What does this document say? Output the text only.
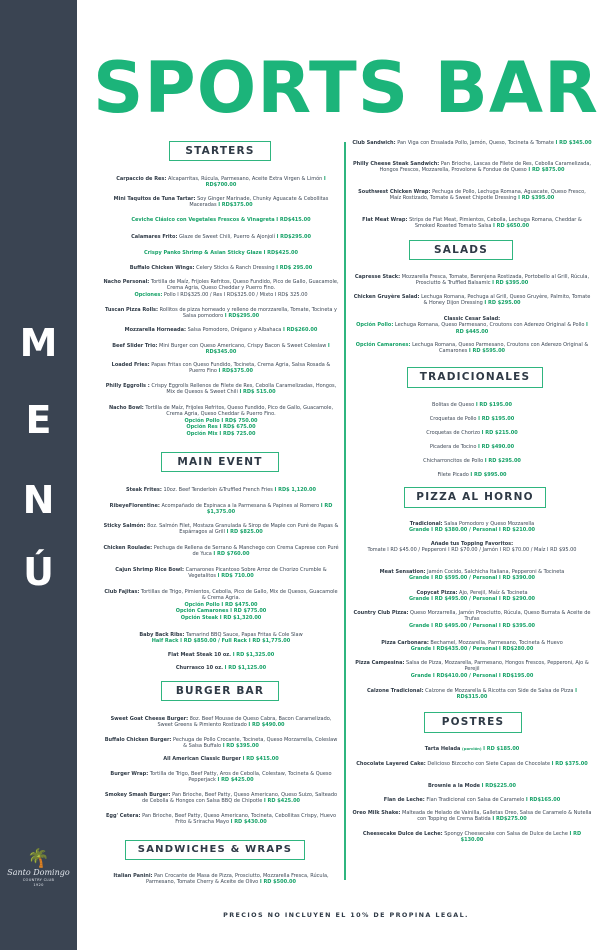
M
E
N
Ú
🌴
Santo Domingo
COUNTRY CLUB
1920
SPORTS BAR
STARTERS
Carpaccio de Res: Alcaparritas, Rúcula, Parmesano, Aceite Extra Virgen & Limón I RD$700.00
Mini Taquitos de Tuna Tartar: Soy Ginger Marinade, Chunky Aguacate & Cebollitas Maceradas I RD$375.00
Ceviche Clásico con Vegetales Frescos & Vinagreta I RD$415.00
Calamares Frito: Glaze de Sweet Chili, Puerro & Ajonjolí I RD$295.00
Crispy Panko Shrimp & Asian Sticky Glaze I RD$425.00
Buffalo Chicken Wings: Celery Sticks & Ranch Dressing I RD$ 295.00
Nacho Personal: Tortilla de Maíz, Frijoles Refritos, Queso Fundido, Pico de Gallo, Guacamole, Crema Agria, Queso Cheddar y Puerro Fino.
Opciones: Pollo I RD$325.00 / Res I RD$325.00 / Mixto I RD$ 325.00
Tuscan Pizza Rolls: Rollitos de pizza horneado y relleno de morzzarella, Tomate, Tocineta y Salsa pomodoro I RD$295.00
Mozzarella Horneada: Salsa Pomodoro, Orégano y Albahaca I RD$260.00
Beef Slider Trio: Mini Burger con Queso Americano, Crispy Bacon & Sweet Coleslaw I RD$345.00
Loaded Fries: Papas Fritas con Queso Fundido, Tocineta, Crema Agria, Salsa Rosada & Puerro Fino I RD$375.00
Philly Eggrolls : Crispy Eggrolls Rellenos de Filete de Res, Cebolla Caramelizadas, Hongos, Mix de Quesos & Sweet Chili I RD$ 515.00
Nacho Bowl: Tortilla de Maíz, Frijoles Refritos, Queso Fundido, Pico de Gallo, Guacamole, Crema Agria, Queso Cheddar & Puerro Fino.
Opción Pollo I RD$ 750.00
Opción Res I RD$ 675.00
Opción Mix I RD$ 725.00
MAIN EVENT
Steak Frites: 10oz. Beef Tenderloin &Truffled French Fries I RD$ 1,120.00
RibeyeFlorentine: Acompañado de Espinaca a la Parmesana & Papines al Romero I RD $1,375.00
Sticky Salmón: 8oz. Salmón Filet, Mostaza Granulada & Sirop de Maple con Puré de Papas & Espárragos al Grill I RD $825.00
Chicken Roulade: Pechuga de Rellena de Serrano & Manchego con Crema Caprese con Puré de Yuca I RD $760.00
Cajun Shrimp Rice Bowl: Camarones Picantoso Sobre Arroz de Chorizo Crumble & Vegetalitos I RD$ 710.00
Club Fajitas: Tortillas de Trigo, Pimientos, Cebolla, Pico de Gallo, Mix de Quesos, Guacamole & Crema Agria.
Opción Pollo I RD $475.00
Opción Camarones I RD $775.00
Opción Steak I RD $1,320.00
Baby Back Ribs: Tamarind BBQ Sauce, Papas Fritas & Cole Slaw
Half Rack I RD $850.00 / Full Rack I RD $1,775.00
Flat Meat Steak 10 oz. I RD $1,325.00
Churrasco 10 oz. I RD $1,125.00
BURGER BAR
Sweet Goat Cheese Burger: 8oz. Beef Mousse de Queso Cabra, Bacon Caramelizado, Sweet Greens & Pimiento Rostizado I RD $490.00
Buffalo Chicken Burger: Pechuga de Pollo Crocante, Tocineta, Queso Morzarrella, Coleslaw & Salsa Buffalo I RD $395.00
All American Classic Burger I RD $415.00
Burger Wrap: Tortilla de Trigo, Beef Patty, Aros de Cebolla, Colestaw, Tocineta & Queso Pepperjack I RD $425.00
Smokey Smash Burger: Pan Brioche, Beef Patty, Queso Americano, Queso Suizo, Salteado de Cebolla & Hongos con Salsa BBQ de Chipotle I RD $425.00
Egg' Cetera: Pan Brioche, Beef Patty, Queso Americano, Tocineta, Cebollitas Crispy, Huevo Frito & Sriracha Mayo I RD $430.00
SANDWICHES & WRAPS
Italian Panini: Pan Crocante de Masa de Pizza, Prosciutto, Mozzarella Fresca, Rúcula, Parmesano, Tomate Cherry & Aceite de Olivo I RD $500.00
Club Sandwich: Pan Viga con Ensalada Pollo, Jamón, Queso, Tocineta & Tomate I RD $345.00
Philly Cheese Steak Sandwich: Pan Brioche, Lascas de Filete de Res, Cebolla Caramelizada, Hongos Frescos, Mozzarella, Provolone & Fondue de Queso I RD $875.00
Southwest Chicken Wrap: Pechuga de Pollo, Lechuga Romana, Aguacate, Queso Fresco, Maíz Rostizado, Tomate & Sweet Chipotle Dressing I RD $395.00
Flat Meat Wrap: Strips de Flat Meat, Pimientos, Cebolla, Lechuga Romana, Cheddar & Smoked Roasted Tomato Salsa I RD $650.00
SALADS
Capresse Stack: Mozzarella Fresca, Tomate, Berenjena Rostizada, Portobello al Grill, Rúcula, Prosciutto & Truffled Balsamic I RD $395.00
Chicken Gruyère Salad: Lechuga Romana, Pechuga al Grill, Queso Gruyère, Palmito, Tomate & Honey Dijon Dressing I RD $295.00
Classic Cesar Salad:
Opción Pollo: Lechuga Romana, Queso Parmesano, Croutons con Aderezo Original & Pollo I RD $445.00
Opción Camarones: Lechuga Romana, Queso Parmesano, Croutons con Aderezo Original & Camarones I RD $595.00
TRADICIONALES
Bolitas de Queso I RD $195.00
Croquetas de Pollo I RD $195.00
Croquetas de Chorizo I RD $215.00
Picadera de Tocino I RD $490.00
Chicharroncitos de Pollo I RD $295.00
Filete Picado I RD $995.00
PIZZA AL HORNO
Tradicional: Salsa Pomodoro y Queso Mozzarella
Grande I RD $380.00 / Personal I RD $210.00
Añade tus Topping Favoritos:
Tomate I RD $45.00 / Pepperoni I RD $70.00 / Jamón I RD $70.00 / Maíz I RD $95.00
Meat Sensation: Jamón Cocido, Salchicha Italiana, Pepperoni & Tocineta
Grande I RD $595.00 / Personal I RD $390.00
Copycat Pizza: Ajo, Perejil, Maíz & Tocineta
Grande I RD $495.00 / Personal I RD $290.00
Country Club Pizza: Queso Morzarrella, Jamón Prosciutto, Rúcula, Queso Burrata & Aceite de Trufas
Grande I RD $495.00 / Personal I RD $395.00
Pizza Carbonara: Bechamel, Mozzarella, Parmesano, Tocineta & Huevo
Grande I RD$435.00 / Personal I RD$280.00
Pizza Campesina: Salsa de Pizza, Mozzarella, Parmesano, Hongos Frescos, Pepperoni, Ajo & Perejil
Grande I RD$410.00 / Personal I RD$195.00
Calzone Tradicional: Calzone de Mozzarella & Ricotta con Side de Salsa de Pizza I RD$315.00
POSTRES
Tarta Helada (porción) I RD $185.00
Chocolate Layered Cake: Delicioso Bizcocho con Siete Capas de Chocolate I RD $375.00
Brownie a la Mode I RD$225.00
Flan de Leche: Flan Tradicional con Salsa de Caramelo I RD$165.00
Oreo Milk Shake: Malteada de Helado de Vainilla, Galletas Oreo, Salsa de Caramelo & Nutella con Topping de Crema Batida I RD$275.00
Cheesecake Dulce de Leche: Spongy Cheesecake con Salsa de Dulce de Leche I RD $130.00
PRECIOS NO INCLUYEN EL 10% DE PROPINA LEGAL.
